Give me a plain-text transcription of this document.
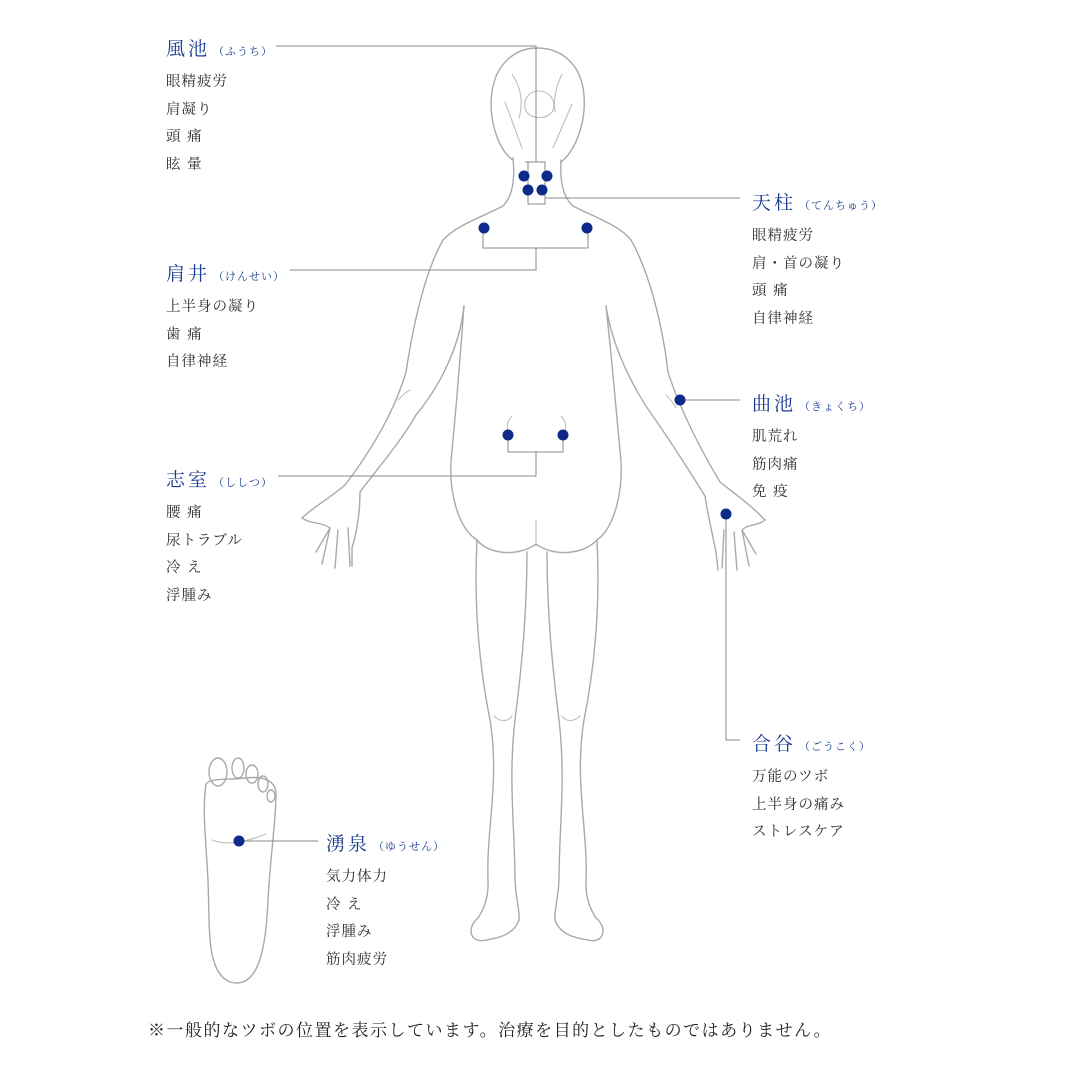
風池 （ふうち）
眼精疲労
肩凝り
頭 痛
眩 暈
天柱 （てんちゅう）
眼精疲労
肩・首の凝り
頭 痛
自律神経
肩井 （けんせい）
上半身の凝り
歯 痛
自律神経
曲池 （きょくち）
肌荒れ
筋肉痛
免 疫
志室 （ししつ）
腰 痛
尿トラブル
冷 え
浮腫み
合谷 （ごうこく）
万能のツボ
上半身の痛み
ストレスケア
湧泉 （ゆうせん）
気力体力
冷 え
浮腫み
筋肉疲労
※一般的なツボの位置を表示しています。治療を目的としたものではありません。
